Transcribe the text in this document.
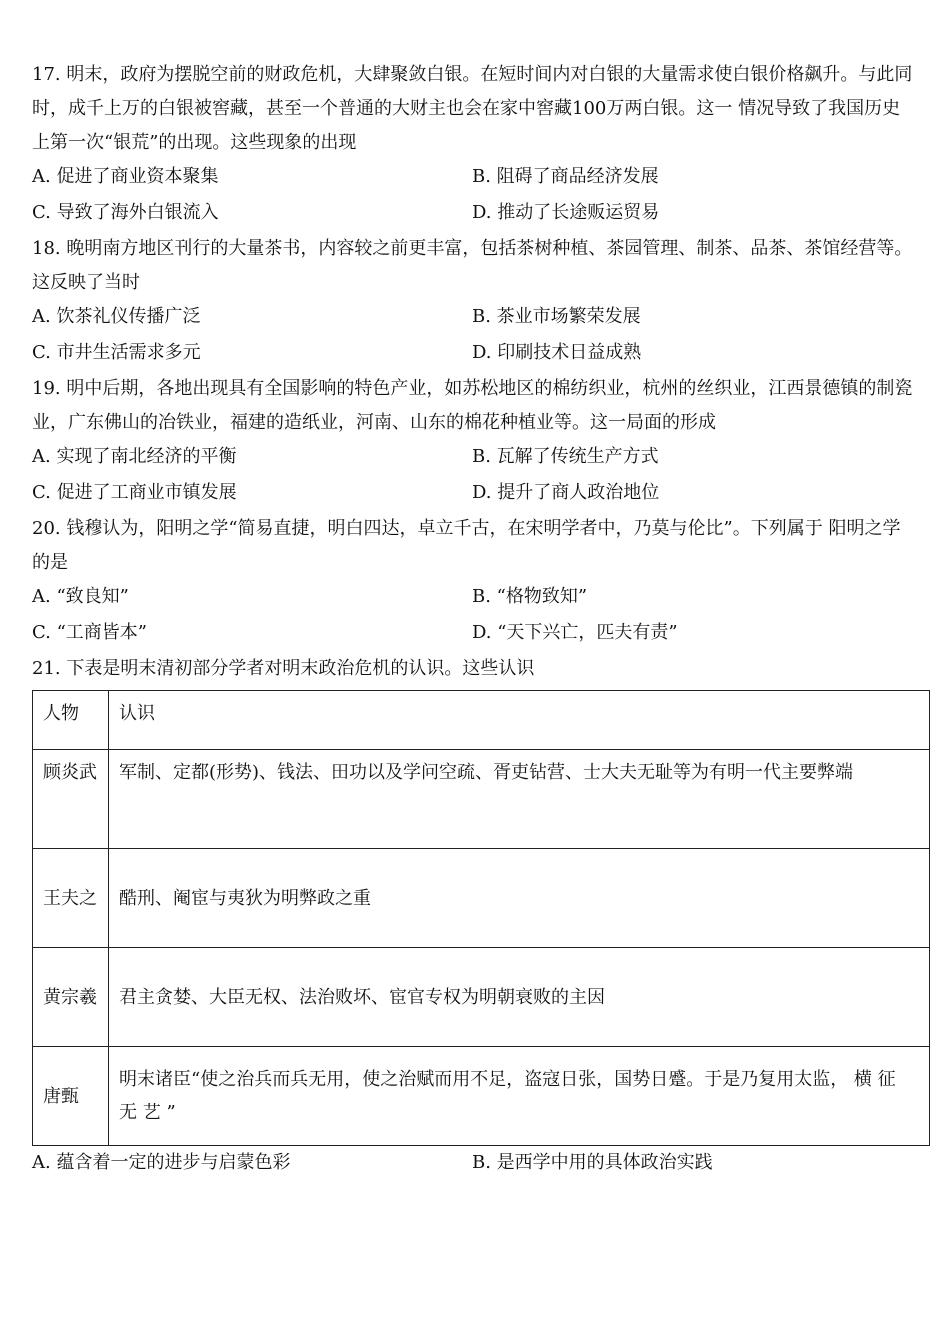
17. 明末，政府为摆脱空前的财政危机，大肆聚敛白银。在短时间内对白银的大量需求使白银价格飙升。与此同时，成千上万的白银被窖藏，甚至一个普通的大财主也会在家中窖藏100万两白银。这一 情况导致了我国历史上第一次“银荒”的出现。这些现象的出现

A. 促进了商业资本聚集	B. 阻碍了商品经济发展
C. 导致了海外白银流入	D. 推动了长途贩运贸易

18. 晚明南方地区刊行的大量茶书，内容较之前更丰富，包括茶树种植、茶园管理、制茶、品茶、茶馆经营等。这反映了当时

A. 饮茶礼仪传播广泛	B. 茶业市场繁荣发展
C. 市井生活需求多元	D. 印刷技术日益成熟

19. 明中后期，各地出现具有全国影响的特色产业，如苏松地区的棉纺织业，杭州的丝织业，江西景德镇的制瓷业，广东佛山的冶铁业，福建的造纸业，河南、山东的棉花种植业等。这一局面的形成

A. 实现了南北经济的平衡	B. 瓦解了传统生产方式
C. 促进了工商业市镇发展	D. 提升了商人政治地位

20. 钱穆认为，阳明之学“简易直捷，明白四达，卓立千古，在宋明学者中，乃莫与伦比”。下列属于 阳明之学的是

A. “致良知”	B. “格物致知”
C. “工商皆本”	D. “天下兴亡，匹夫有责”

21. 下表是明末清初部分学者对明末政治危机的认识。这些认识

人物	认识
顾炎武	军制、定都(形势)、钱法、田功以及学问空疏、胥吏钻营、士大夫无耻等为有明一代主要弊端
王夫之	酷刑、阉宦与夷狄为明弊政之重
黄宗羲	君主贪婪、大臣无权、法治败坏、宦官专权为明朝衰败的主因
唐甄	明末诸臣“使之治兵而兵无用，使之治赋而用不足，盗寇日张，国势日蹙。于是乃复用太监， 横 征 无 艺 ”
A. 蕴含着一定的进步与启蒙色彩	B. 是西学中用的具体政治实践
